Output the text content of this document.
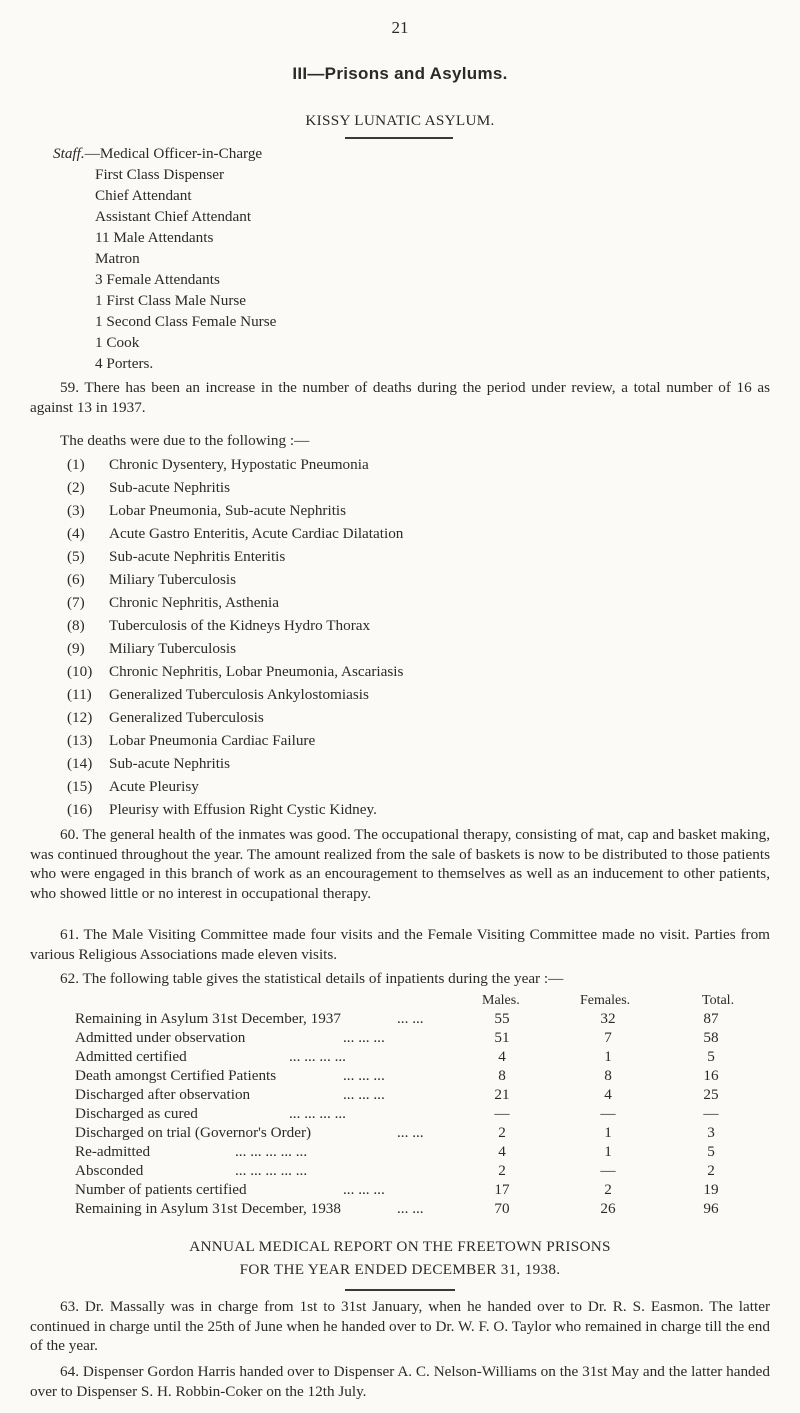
21
III—Prisons and Asylums.
KISSY LUNATIC ASYLUM.
Staff.—Medical Officer-in-Charge
First Class Dispenser
Chief Attendant
Assistant Chief Attendant
11 Male Attendants
Matron
3 Female Attendants
1 First Class Male Nurse
1 Second Class Female Nurse
1 Cook
4 Porters.

59. There has been an increase in the number of deaths during the period under review, a total number of 16 as against 13 in 1937.

The deaths were due to the following :—
(1) Chronic Dysentery, Hypostatic Pneumonia
(2) Sub-acute Nephritis
(3) Lobar Pneumonia, Sub-acute Nephritis
(4) Acute Gastro Enteritis, Acute Cardiac Dilatation
(5) Sub-acute Nephritis Enteritis
(6) Miliary Tuberculosis
(7) Chronic Nephritis, Asthenia
(8) Tuberculosis of the Kidneys Hydro Thorax
(9) Miliary Tuberculosis
(10) Chronic Nephritis, Lobar Pneumonia, Ascariasis
(11) Generalized Tuberculosis Ankylostomiasis
(12) Generalized Tuberculosis
(13) Lobar Pneumonia Cardiac Failure
(14) Sub-acute Nephritis
(15) Acute Pleurisy
(16) Pleurisy with Effusion Right Cystic Kidney.

60. The general health of the inmates was good. The occupational therapy, consisting of mat, cap and basket making, was continued throughout the year. The amount realized from the sale of baskets is now to be distributed to those patients who were engaged in this branch of work as an encouragement to themselves as well as an inducement to other patients, who showed little or no interest in occupational therapy.

61. The Male Visiting Committee made four visits and the Female Visiting Committee made no visit. Parties from various Religious Associations made eleven visits.

62. The following table gives the statistical details of inpatients during the year :—
Males.	Females.	Total.
Remaining in Asylum 31st December, 1937	... ...	55	32	87
Admitted under observation	... ... ...	51	7	58
Admitted certified	... ... ... ...	4	1	5
Death amongst Certified Patients	... ... ...	8	8	16
Discharged after observation	... ... ...	21	4	25
Discharged as cured	... ... ... ...	—	—	—
Discharged on trial (Governor's Order)	... ...	2	1	3
Re-admitted	... ... ... ... ...	4	1	5
Absconded	... ... ... ... ...	2	—	2
Number of patients certified	... ... ...	17	2	19
Remaining in Asylum 31st December, 1938	... ...	70	26	96
ANNUAL MEDICAL REPORT ON THE FREETOWN PRISONS
FOR THE YEAR ENDED DECEMBER 31, 1938.

63. Dr. Massally was in charge from 1st to 31st January, when he handed over to Dr. R. S. Easmon. The latter continued in charge until the 25th of June when he handed over to Dr. W. F. O. Taylor who remained in charge till the end of the year.

64. Dispenser Gordon Harris handed over to Dispenser A. C. Nelson-Williams on the 31st May and the latter handed over to Dispenser S. H. Robbin-Coker on the 12th July.
